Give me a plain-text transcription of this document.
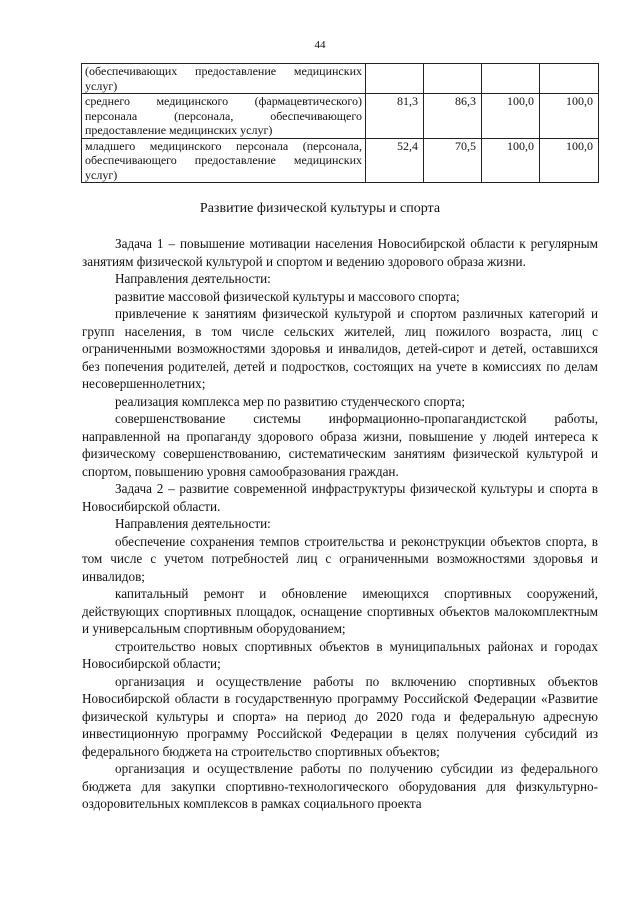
44
(обеспечивающих предоставление медицинских услуг)				
среднего медицинского (фармацевтического) персонала (персонала, обеспечивающего предоставление медицинских услуг)	81,3	86,3	100,0	100,0
младшего медицинского персонала (персонала, обеспечивающего предоставление медицинских услуг)	52,4	70,5	100,0	100,0
Развитие физической культуры и спорта

Задача 1 – повышение мотивации населения Новосибирской области к регулярным занятиям физической культурой и спортом и ведению здорового образа жизни.

Направления деятельности:

развитие массовой физической культуры и массового спорта;

привлечение к занятиям физической культурой и спортом различных категорий и групп населения, в том числе сельских жителей, лиц пожилого возраста, лиц с ограниченными возможностями здоровья и инвалидов, детей-сирот и детей, оставшихся без попечения родителей, детей и подростков, состоящих на учете в комиссиях по делам несовершеннолетних;

реализация комплекса мер по развитию студенческого спорта;

совершенствование системы информационно-пропагандистской работы, направленной на пропаганду здорового образа жизни, повышение у людей интереса к физическому совершенствованию, систематическим занятиям физической культурой и спортом, повышению уровня самообразования граждан.

Задача 2 – развитие современной инфраструктуры физической культуры и спорта в Новосибирской области.

Направления деятельности:

обеспечение сохранения темпов строительства и реконструкции объектов спорта, в том числе с учетом потребностей лиц с ограниченными возможностями здоровья и инвалидов;

капитальный ремонт и обновление имеющихся спортивных сооружений, действующих спортивных площадок, оснащение спортивных объектов малокомплектным и универсальным спортивным оборудованием;

строительство новых спортивных объектов в муниципальных районах и городах Новосибирской области;

организация и осуществление работы по включению спортивных объектов Новосибирской области в государственную программу Российской Федерации «Развитие физической культуры и спорта» на период до 2020 года и федеральную адресную инвестиционную программу Российской Федерации в целях получения субсидий из федерального бюджета на строительство спортивных объектов;

организация и осуществление работы по получению субсидии из федерального бюджета для закупки спортивно-технологического оборудования для физкультурно-оздоровительных комплексов в рамках социального проекта
